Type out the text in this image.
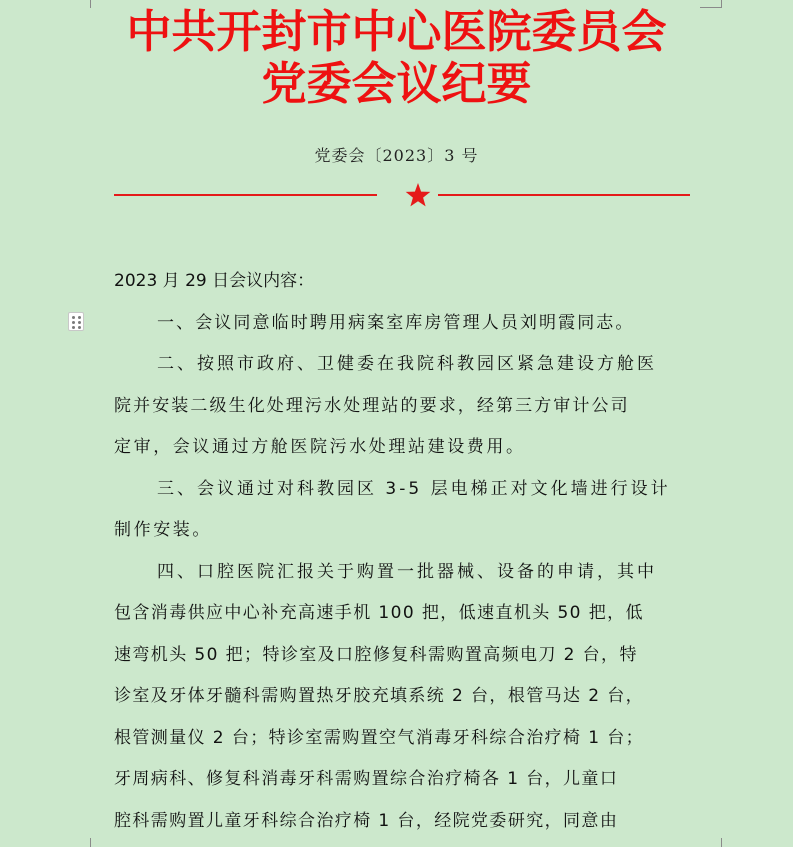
中共开封市中心医院委员会
党委会议纪要
党委会〔2023〕3 号
2023 月 29 日会议内容：
一、会议同意临时聘用病案室库房管理人员刘明霞同志。
二、按照市政府、卫健委在我院科教园区紧急建设方舱医
院并安装二级生化处理污水处理站的要求，经第三方审计公司
定审，会议通过方舱医院污水处理站建设费用。
三、会议通过对科教园区 3-5 层电梯正对文化墙进行设计
制作安装。
四、口腔医院汇报关于购置一批器械、设备的申请，其中
包含消毒供应中心补充高速手机 100 把，低速直机头 50 把，低
速弯机头 50 把；特诊室及口腔修复科需购置高频电刀 2 台，特
诊室及牙体牙髓科需购置热牙胶充填系统 2 台，根管马达 2 台，
根管测量仪 2 台；特诊室需购置空气消毒牙科综合治疗椅 1 台；
牙周病科、修复科消毒牙科需购置综合治疗椅各 1 台，儿童口
腔科需购置儿童牙科综合治疗椅 1 台，经院党委研究，同意由
